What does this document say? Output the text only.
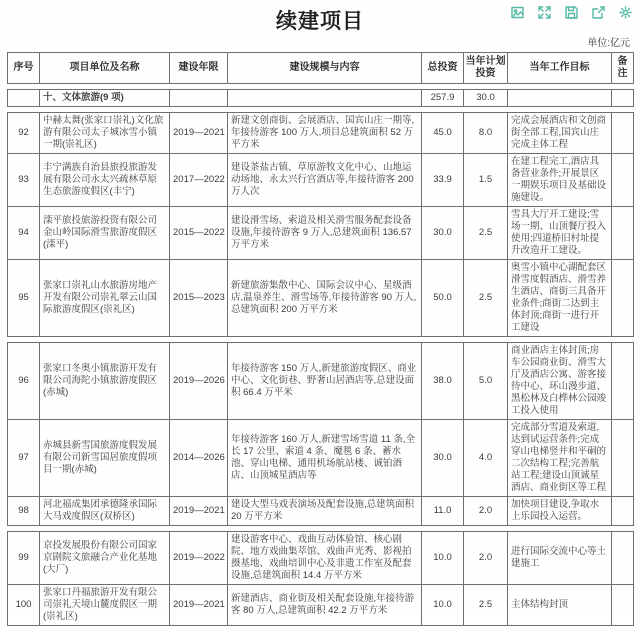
续建项目
单位:亿元
序号	项目单位及名称	建设年限	建设规模与内容	总投资	当年计划投资	当年工作目标	备注
	十、文体旅游(9 项)			257.9	30.0		
92	中赫太舞(张家口崇礼)文化旅游有限公司太子城冰雪小镇一期(崇礼区)	2019—2021	新建文创商街、会展酒店、国宾山庄一期等,年接待游客 100 万人,项目总建筑面积 52 万平方米	45.0	8.0	完成会展酒店和文创商街全部工程,国宾山庄完成主体工程	
93	丰宁满族自治县旅投旅游发展有限公司永太兴疏林草原生态旅游度假区(丰宁)	2017—2022	建设茶盐古镇、草原游牧文化中心、山地运动场地、永太兴行宫酒店等,年接待游客 200 万人次	33.9	1.5	在建工程完工,酒店具备营业条件;开展景区一期娱乐项目及基础设施建设。	
94	滦平旅投旅游投资有限公司金山岭国际滑雪旅游度假区(滦平)	2015—2022	建设滑雪场、索道及相关滑雪服务配套设备设施,年接待游客 9 万人,总建筑面积 136.57 万平方米	30.0	2.5	雪具大厅开工建设;雪场一期、山顶餐厅投入使用;四道桥旧村址提升改造开工建设。	
95	张家口崇礼山水旅游房地产开发有限公司崇礼翠云山国际旅游度假区(崇礼区)	2015—2023	新建旅游集散中心、国际会议中心、星级酒店,温泉养生、滑雪场等,年接待游客 90 万人,总建筑面积 200 万平方米	50.0	2.5	奥雪小镇中心湖配套区滑雪度假酒店、滑雪养生酒店、商街三具备开业条件;商街二达到主体封顶;商街一进行开工建设	
96	张家口冬奥小镇旅游开发有限公司海陀小镇旅游度假区(赤城)	2019—2026	年接待游客 150 万人,新建旅游度假区、商业中心、文化街巷、野奢山居酒店等,总建设面积 66.4 万平米	38.0	5.0	商业酒店主体封顶;房车公园商业街、滑雪大厅及酒店公寓、游客接待中心、环山漫步道、黑松林及白桦林公园竣工投入使用	
97	赤城县新雪国旅游度假发展有限公司新雪国居旅度假项目一期(赤城)	2014—2026	年接待游客 160 万人,新建雪场雪道 11 条,全长 17 公里、索道 4 条、魔毯 6 条、蓄水池、穿山电梯、通用机场航站楼、诚铂酒店、山顶城星酒店等	30.0	4.0	完成部分雪道及索道,达到试运营条件;完成穿山电梯竖井和平硐的二次结构工程;完善航站工程;建设山顶诚星酒店、商业街区等工程	
98	河北福成集团承德隆承国际大马戏度假区(双桥区)	2019—2021	建设大型马戏表演场及配套设施,总建筑面积 20 万平方米	11.0	2.0	加快项目建设,争取水上乐园投入运营。	
99	京投发展股份有限公司国家京剧院文旅融合产业化基地(大厂)	2019—2022	建设游客中心、戏曲互动体验馆、核心剧院、地方戏曲集萃馆、戏曲声光秀、影视拍摄基地、戏曲培训中心及非遗工作室及配套设施,总建筑面积 14.4 万平方米	10.0	2.0	进行国际交流中心等土建施工	
100	张家口丹福旅游开发有限公司崇礼天境山麓度假区一期(崇礼区)	2019—2021	新建酒店、商业街及相关配套设施,年接待游客 80 万人,总建筑面积 42.2 万平方米	10.0	2.5	主体结构封顶	
